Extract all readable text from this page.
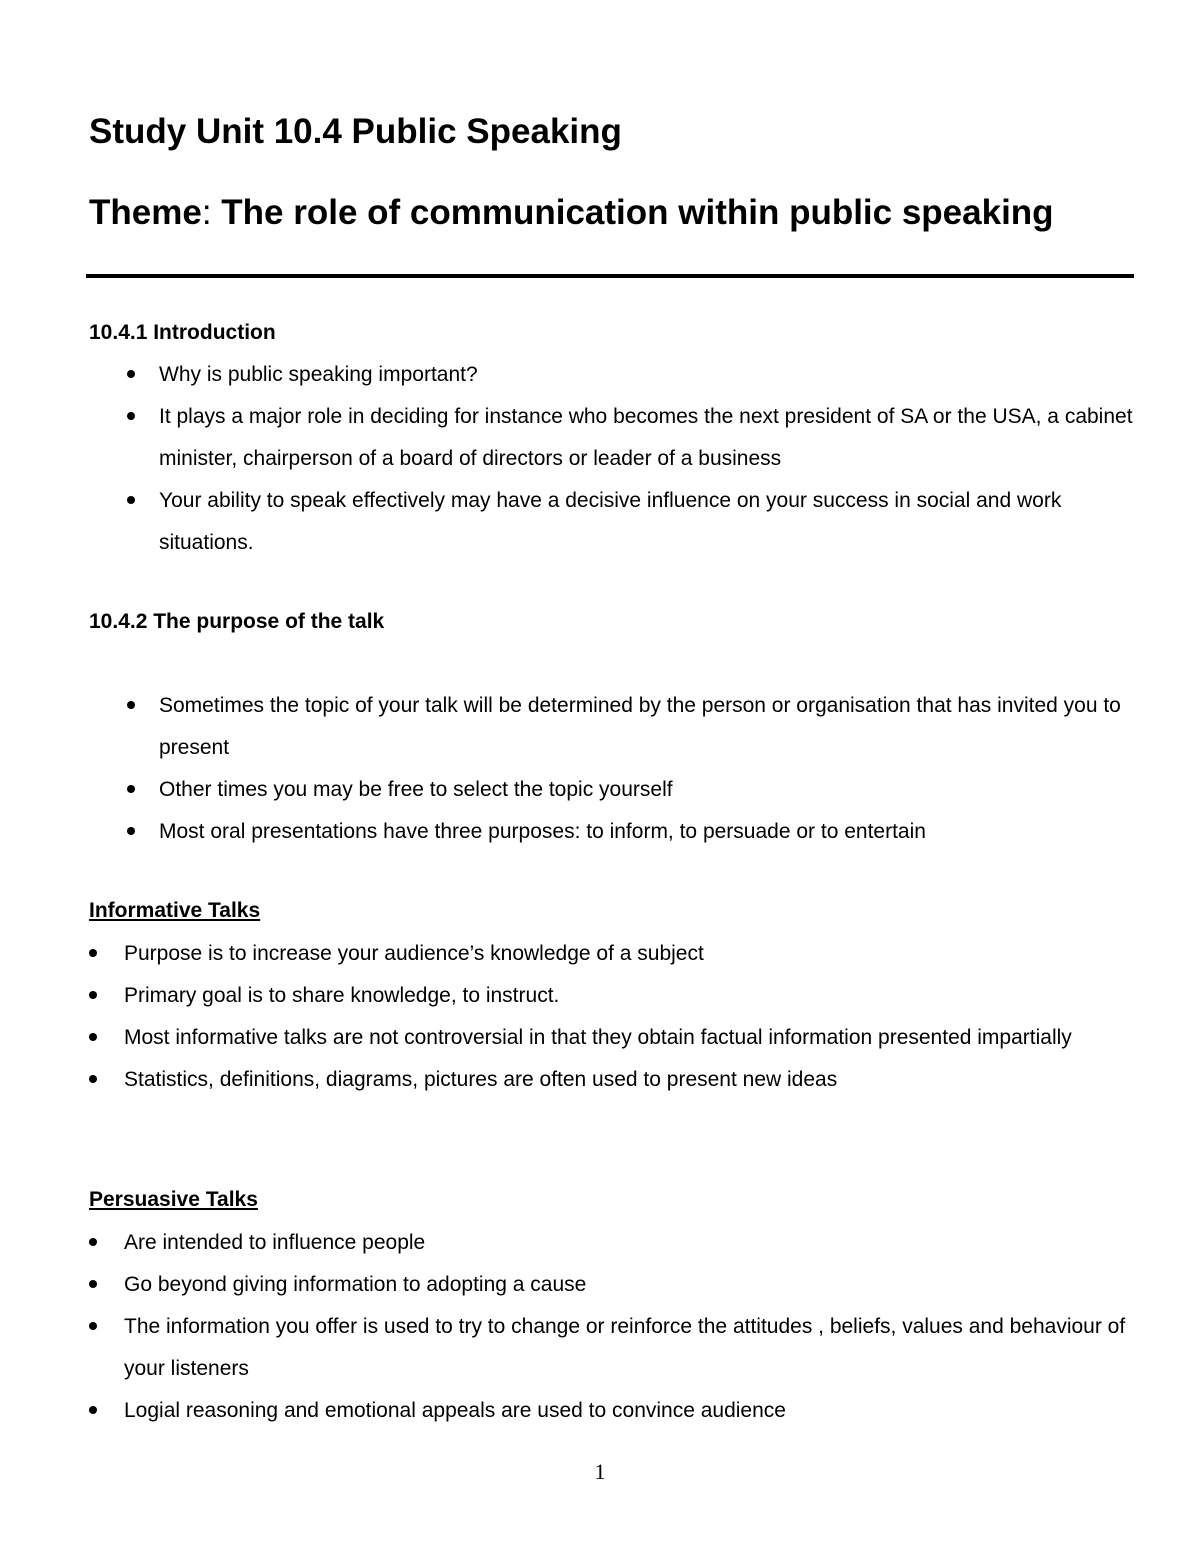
Study Unit 10.4 Public Speaking
Theme: The role of communication within public speaking
10.4.1 Introduction
Why is public speaking important?
It plays a major role in deciding for instance who becomes the next president of SA or the USA, a cabinet minister, chairperson of a board of directors or leader of a business
Your ability to speak effectively may have a decisive influence on your success in social and work situations.
10.4.2 The purpose of the talk
Sometimes the topic of your talk will be determined by the person or organisation that has invited you to present
Other times you may be free to select the topic yourself
Most oral presentations have three purposes: to inform, to persuade or to entertain
Informative Talks
Purpose is to increase your audience’s knowledge of a subject
Primary goal is to share knowledge, to instruct.
Most informative talks are not controversial in that they obtain factual information presented impartially
Statistics, definitions, diagrams, pictures are often used to present new ideas
Persuasive Talks
Are intended to influence people
Go beyond giving information to adopting a cause
The information you offer is used to try to change or reinforce the attitudes , beliefs, values and behaviour of your listeners
Logial reasoning and emotional appeals are used to convince audience
1
